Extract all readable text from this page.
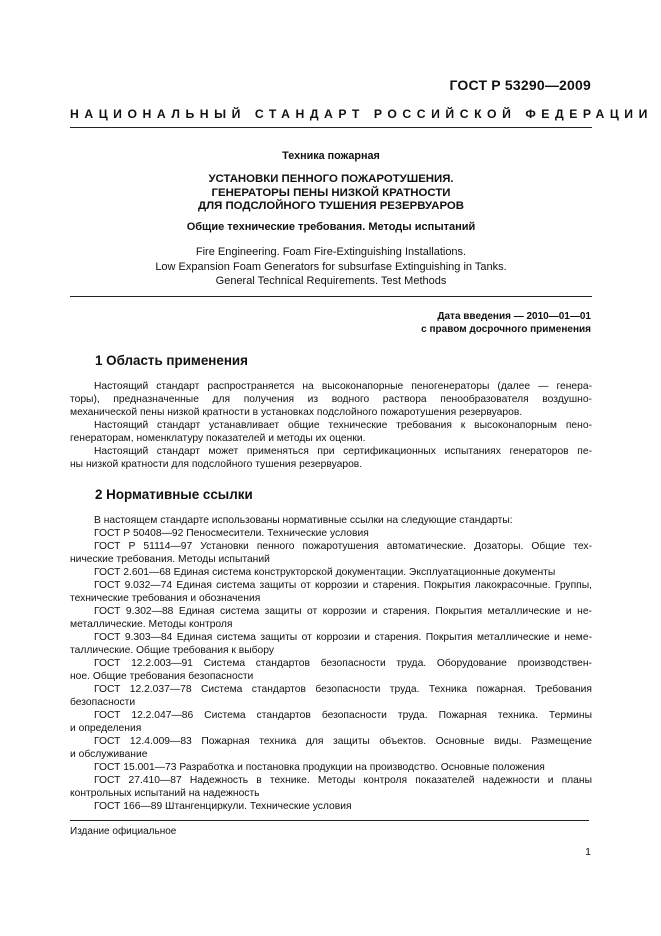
ГОСТ Р 53290—2009
НАЦИОНАЛЬНЫЙ СТАНДАРТ РОССИЙСКОЙ ФЕДЕРАЦИИ
Техника пожарная
УСТАНОВКИ ПЕННОГО ПОЖАРОТУШЕНИЯ.
ГЕНЕРАТОРЫ ПЕНЫ НИЗКОЙ КРАТНОСТИ
ДЛЯ ПОДСЛОЙНОГО ТУШЕНИЯ РЕЗЕРВУАРОВ
Общие технические требования. Методы испытаний
Fire Engineering. Foam Fire-Extinguishing Installations.
Low Expansion Foam Generators for subsurfase Extinguishing in Tanks.
General Technical Requirements. Test Methods
Дата введения — 2010—01—01
с правом досрочного применения
1 Область применения
Настоящий стандарт распространяется на высоконапорные пеногенераторы (далее — генера-
торы), предназначенные для получения из водного раствора пенообразователя воздушно-
механической пены низкой кратности в установках подслойного пожаротушения резервуаров.
Настоящий стандарт устанавливает общие технические требования к высоконапорным пено-
генераторам, номенклатуру показателей и методы их оценки.
Настоящий стандарт может применяться при сертификационных испытаниях генераторов пе-
ны низкой кратности для подслойного тушения резервуаров.
2 Нормативные ссылки
В настоящем стандарте использованы нормативные ссылки на следующие стандарты:
ГОСТ Р 50408—92 Пеносмесители. Технические условия
ГОСТ Р 51114—97 Установки пенного пожаротушения автоматические. Дозаторы. Общие тех-
нические требования. Методы испытаний
ГОСТ 2.601—68 Единая система конструкторской документации. Эксплуатационные документы
ГОСТ 9.032—74 Единая система защиты от коррозии и старения. Покрытия лакокрасочные. Группы,
технические требования и обозначения
ГОСТ 9.302—88 Единая система защиты от коррозии и старения. Покрытия металлические и не-
металлические. Методы контроля
ГОСТ 9.303—84 Единая система защиты от коррозии и старения. Покрытия металлические и неме-
таллические. Общие требования к выбору
ГОСТ 12.2.003—91 Система стандартов безопасности труда. Оборудование производствен-
ное. Общие требования безопасности
ГОСТ 12.2.037—78 Система стандартов безопасности труда. Техника пожарная. Требования
безопасности
ГОСТ 12.2.047—86 Система стандартов безопасности труда. Пожарная техника. Термины
и определения
ГОСТ 12.4.009—83 Пожарная техника для защиты объектов. Основные виды. Размещение
и обслуживание
ГОСТ 15.001—73 Разработка и постановка продукции на производство. Основные положения
ГОСТ 27.410—87 Надежность в технике. Методы контроля показателей надежности и планы
контрольных испытаний на надежность
ГОСТ 166—89 Штангенциркули. Технические условия
Издание официальное
1
